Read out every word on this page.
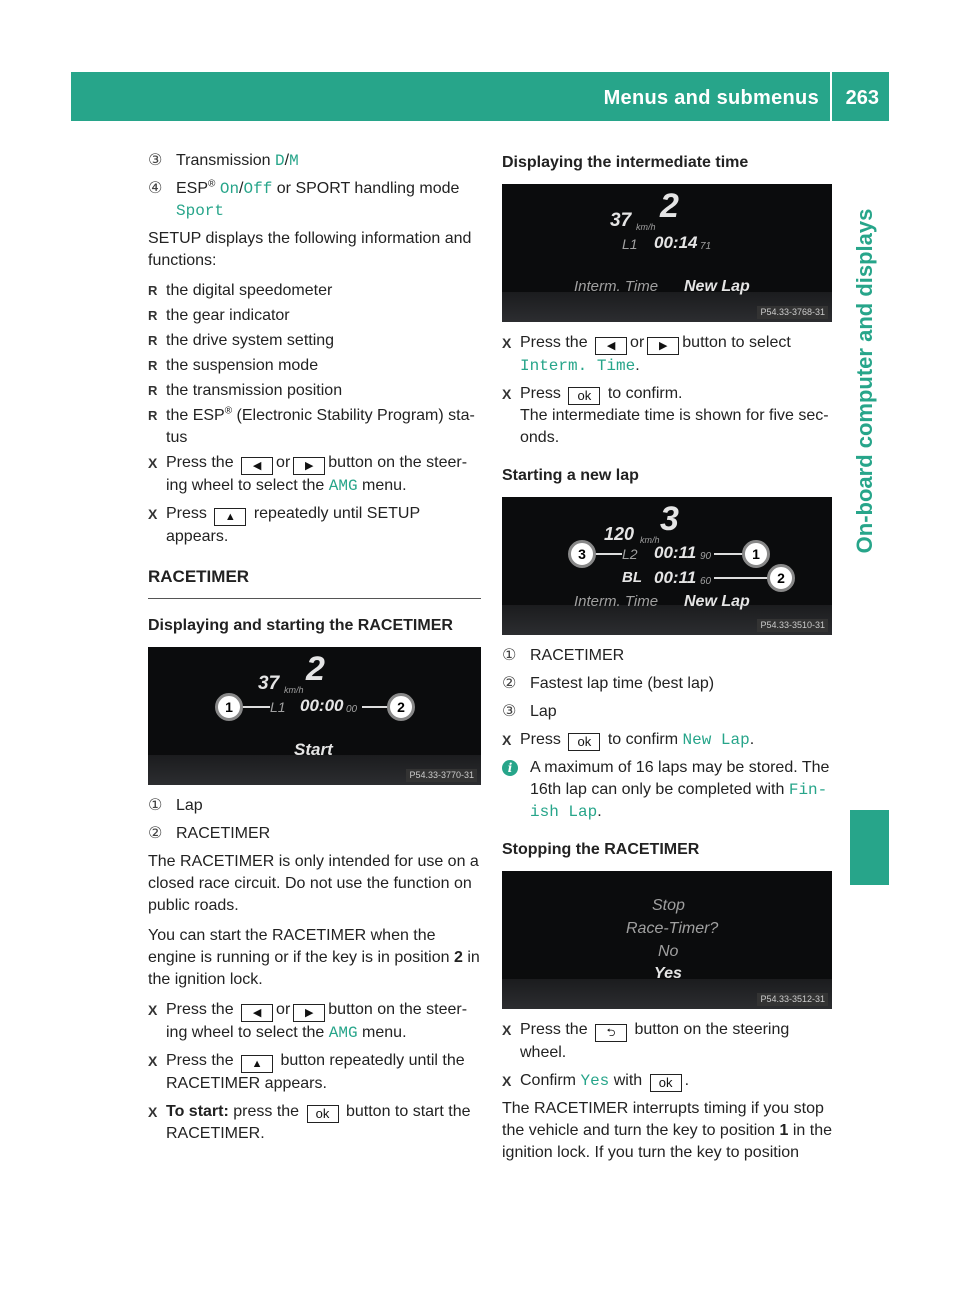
Menus and submenus 263
On-board computer and displays
③ Transmission D/M
④ ESP® On/Off or SPORT handling mode
Sport

SETUP displays the following information and functions:

R the digital speedometer
R the gear indicator
R the drive system setting
R the suspension mode
R the transmission position
R the ESP® (Electronic Stability Program) status
X Press the ◀ or ▶ button on the steering wheel to select the AMG menu.
X Press ▲ repeatedly until SETUP appears.
RACETIMER
Displaying and starting the RACETIMER
37 km/h
2
L1 00:00 00
Start
1	2
P54.33-3770-31
① Lap
② RACETIMER

The RACETIMER is only intended for use on a closed race circuit. Do not use the function on public roads.

You can start the RACETIMER when the engine is running or if the key is in position 2 in the ignition lock.

X Press the ◀ or ▶ button on the steering wheel to select the AMG menu.
X Press the ▲ button repeatedly until the RACETIMER appears.
X To start: press the ok button to start the RACETIMER.
Displaying the intermediate time
37 km/h
2
L1 00:14 71
Interm. Time New Lap
P54.33-3768-31
X Press the ◀ or ▶ button to select
Interm. Time.
X Press ok to confirm.
The intermediate time is shown for five seconds.
Starting a new lap
120 km/h
3
L2 00:11 90
BL 00:11 60
Interm. Time New Lap
3	1
2
P54.33-3510-31
① RACETIMER
② Fastest lap time (best lap)
③ Lap
X Press ok to confirm New Lap.
i	A maximum of 16 laps may be stored. The 16th lap can only be completed with Finish Lap.
Stopping the RACETIMER
Stop
Race-Timer?
No
Yes
P54.33-3512-31
X Press the ⮌ button on the steering wheel.
X Confirm Yes with ok .

The RACETIMER interrupts timing if you stop the vehicle and turn the key to position 1 in the ignition lock. If you turn the key to position
